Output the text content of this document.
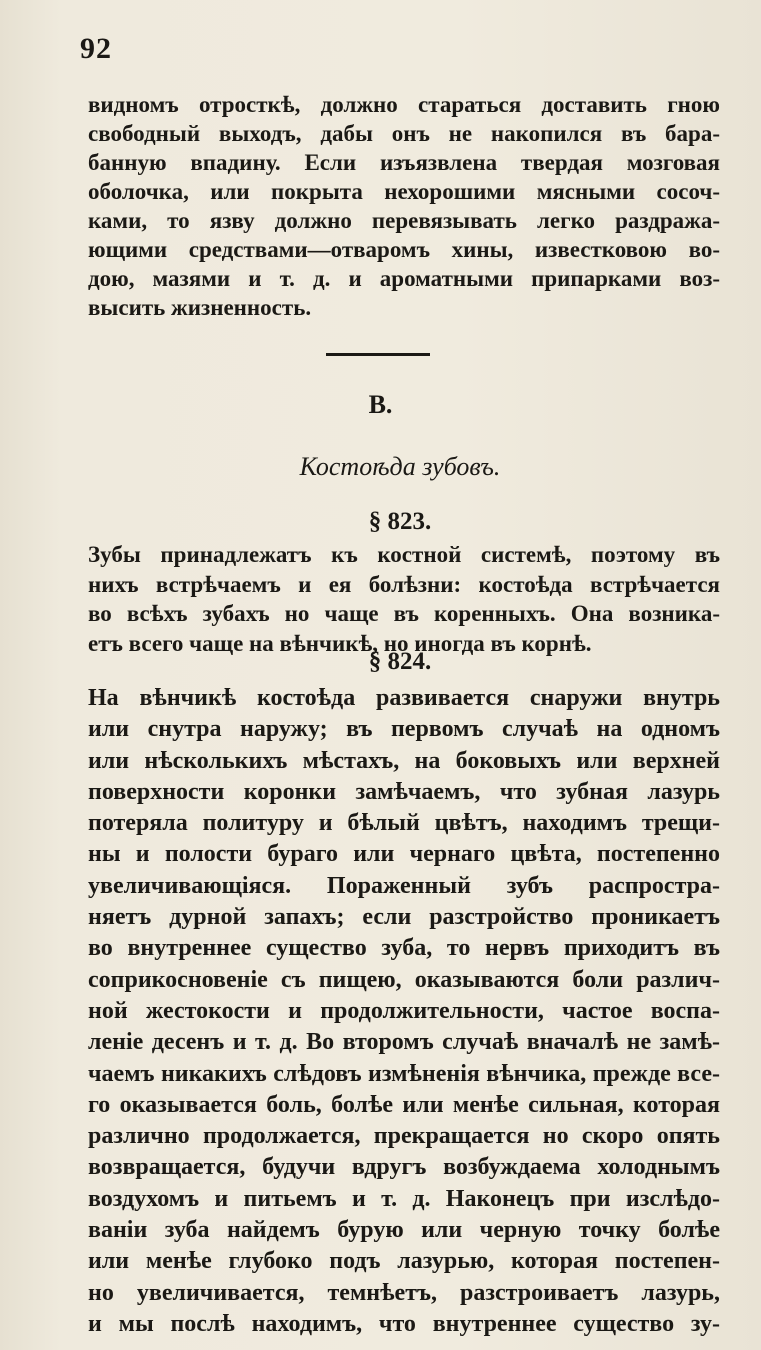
92
видномъ отросткѣ, должно стараться доставить гною
свободный выходъ, дабы онъ не накопился въ бара-
банную впадину. Если изъязвлена твердая мозговая
оболочка, или покрыта нехорошими мясными сосоч-
ками, то язву должно перевязывать легко раздража-
ющими средствами—отваромъ хины, известковою во-
дою, мазями и т. д. и ароматными припарками воз-
высить жизненность.
В.
Костоѣда зубовъ.
§ 823.
Зубы принадлежатъ къ костной системѣ, поэтому въ
нихъ встрѣчаемъ и ея болѣзни: костоѣда встрѣчается
во всѣхъ зубахъ но чаще въ коренныхъ. Она возника-
етъ всего чаще на вѣнчикѣ, но иногда въ корнѣ.
§ 824.
На вѣнчикѣ костоѣда развивается снаружи внутрь
или снутра наружу; въ первомъ случаѣ на одномъ
или нѣсколькихъ мѣстахъ, на боковыхъ или верхней
поверхности коронки замѣчаемъ, что зубная лазурь
потеряла политуру и бѣлый цвѣтъ, находимъ трещи-
ны и полости бураго или чернаго цвѣта, постепенно
увеличивающіяся. Пораженный зубъ распростра-
няетъ дурной запахъ; если разстройство проникаетъ
во внутреннее существо зуба, то нервъ приходитъ въ
соприкосновеніе съ пищею, оказываются боли различ-
ной жестокости и продолжительности, частое воспа-
леніе десенъ и т. д. Во второмъ случаѣ вначалѣ не замѣ-
чаемъ никакихъ слѣдовъ измѣненія вѣнчика, прежде все-
го оказывается боль, болѣе или менѣе сильная, которая
различно продолжается, прекращается но скоро опять
возвращается, будучи вдругъ возбуждаема холоднымъ
воздухомъ и питьемъ и т. д. Наконецъ при изслѣдо-
ваніи зуба найдемъ бурую или черную точку болѣе
или менѣе глубоко подъ лазурью, которая постепен-
но увеличивается, темнѣетъ, разстроиваетъ лазурь,
и мы послѣ находимъ, что внутреннее существо зу-
